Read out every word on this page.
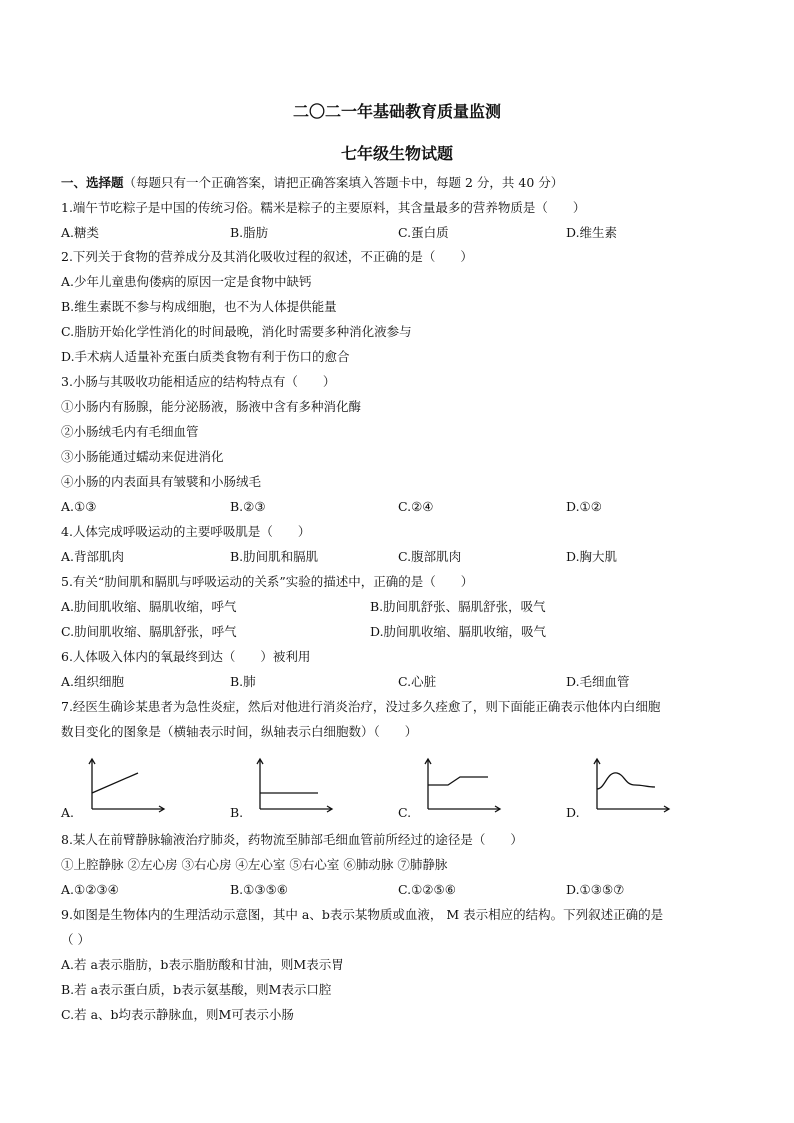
二〇二一年基础教育质量监测
七年级生物试题
一、选择题（每题只有一个正确答案，请把正确答案填入答题卡中，每题 2 分，共 40 分）
1.端午节吃粽子是中国的传统习俗。糯米是粽子的主要原料，其含量最多的营养物质是（　　）
A.糖类	B.脂肪	C.蛋白质	D.维生素
2.下列关于食物的营养成分及其消化吸收过程的叙述，不正确的是（　　）
A.少年儿童患佝偻病的原因一定是食物中缺钙
B.维生素既不参与构成细胞，也不为人体提供能量
C.脂肪开始化学性消化的时间最晚，消化时需要多种消化液参与
D.手术病人适量补充蛋白质类食物有利于伤口的愈合
3.小肠与其吸收功能相适应的结构特点有（　　）
①小肠内有肠腺，能分泌肠液，肠液中含有多种消化酶
②小肠绒毛内有毛细血管
③小肠能通过蠕动来促进消化
④小肠的内表面具有皱襞和小肠绒毛
A.①③	B.②③	C.②④	D.①②
4.人体完成呼吸运动的主要呼吸肌是（　　）
A.背部肌肉	B.肋间肌和膈肌	C.腹部肌肉	D.胸大肌
5.有关“肋间肌和膈肌与呼吸运动的关系”实验的描述中，正确的是（　　）
A.肋间肌收缩、膈肌收缩，呼气	B.肋间肌舒张、膈肌舒张，吸气
C.肋间肌收缩、膈肌舒张，呼气	D.肋间肌收缩、膈肌收缩，吸气
6.人体吸入体内的氧最终到达（　　）被利用
A.组织细胞	B.肺	C.心脏	D.毛细血管
7.经医生确诊某患者为急性炎症，然后对他进行消炎治疗，没过多久痊愈了，则下面能正确表示他体内白细胞
数目变化的图象是（横轴表示时间，纵轴表示白细胞数）（　　）
A.	B.	C.	D.
8.某人在前臂静脉输液治疗肺炎，药物流至肺部毛细血管前所经过的途径是（　　）
①上腔静脉 ②左心房 ③右心房 ④左心室 ⑤右心室 ⑥肺动脉 ⑦肺静脉
A.①②③④	B.①③⑤⑥	C.①②⑤⑥	D.①③⑤⑦
9.如图是生物体内的生理活动示意图，其中 a、b表示某物质或血液， M 表示相应的结构。下列叙述正确的是
（ ）
A.若 a表示脂肪，b表示脂肪酸和甘油，则M表示胃
B.若 a表示蛋白质，b表示氨基酸，则M表示口腔
C.若 a、b均表示静脉血，则M可表示小肠
